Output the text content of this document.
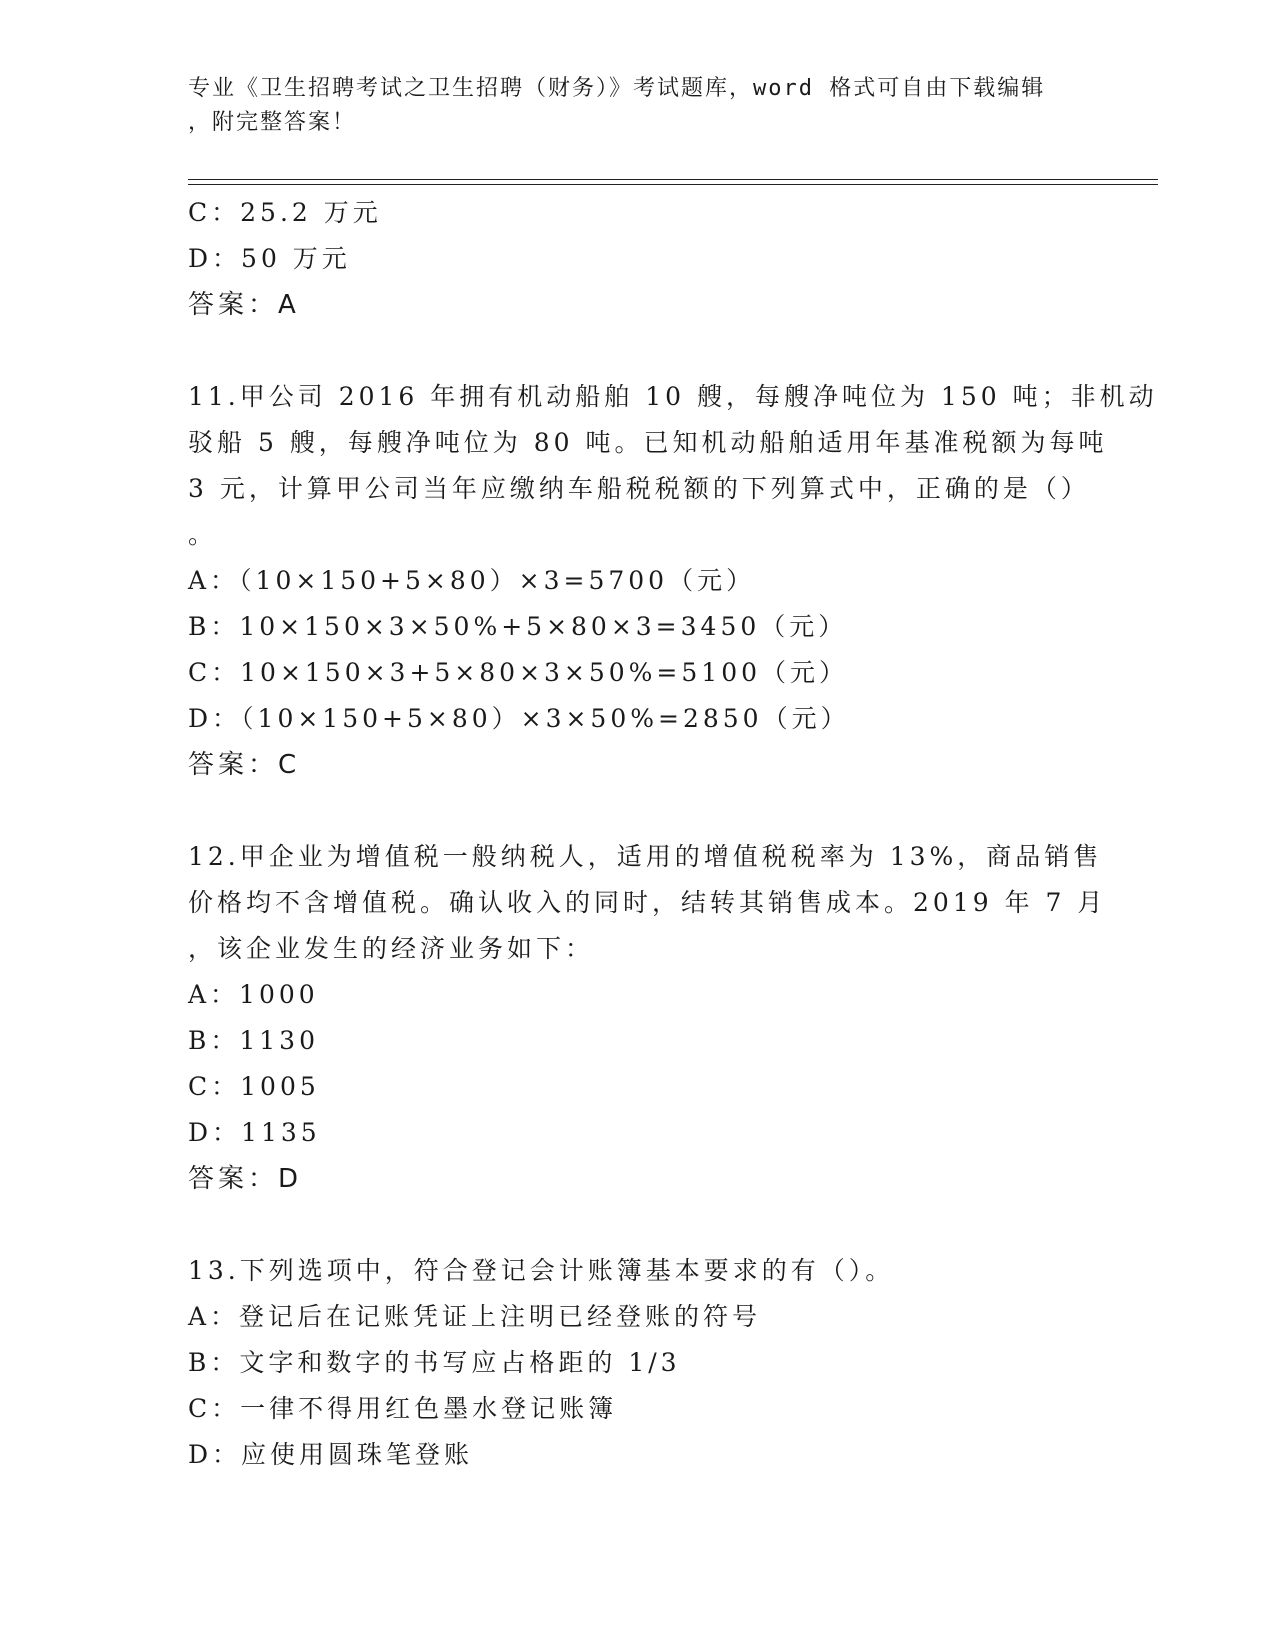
专业《卫生招聘考试之卫生招聘（财务）》考试题库，word 格式可自由下载编辑
，附完整答案！
C：25.2 万元
D：50 万元
答案：A
11.甲公司 2016 年拥有机动船舶 10 艘，每艘净吨位为 150 吨；非机动
驳船 5 艘，每艘净吨位为 80 吨。已知机动船舶适用年基准税额为每吨
3 元，计算甲公司当年应缴纳车船税税额的下列算式中，正确的是（）
。
A：（10×150+5×80）×3=5700（元）
B：10×150×3×50%+5×80×3=3450（元）
C：10×150×3+5×80×3×50%=5100（元）
D：（10×150+5×80）×3×50%=2850（元）
答案：C
12.甲企业为增值税一般纳税人，适用的增值税税率为 13%，商品销售
价格均不含增值税。确认收入的同时，结转其销售成本。2019 年 7 月
，该企业发生的经济业务如下：
A：1000
B：1130
C：1005
D：1135
答案：D
13.下列选项中，符合登记会计账簿基本要求的有（）。
A：登记后在记账凭证上注明已经登账的符号
B：文字和数字的书写应占格距的 1/3
C：一律不得用红色墨水登记账簿
D：应使用圆珠笔登账
